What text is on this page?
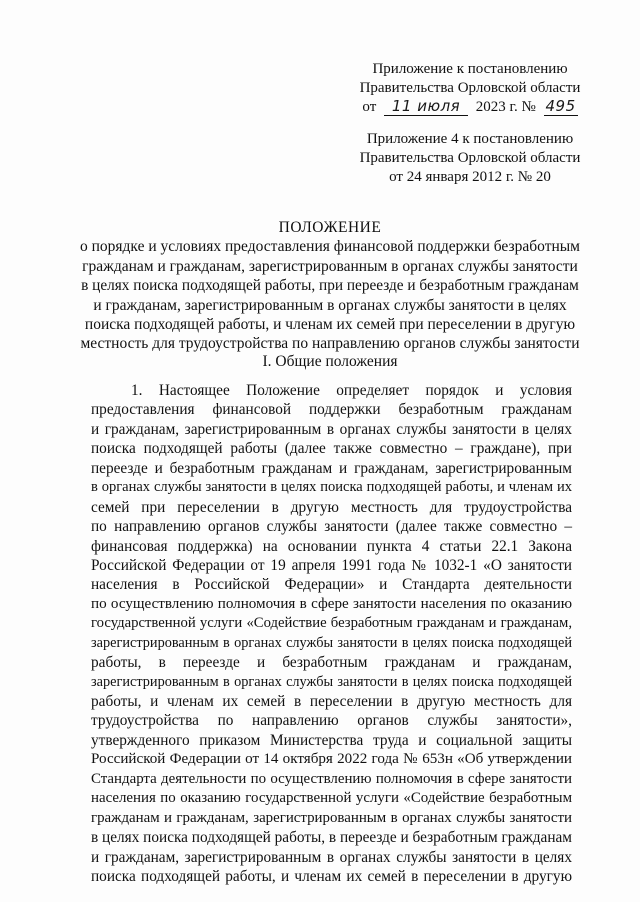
Приложение к постановлению
Правительства Орловской области
от 11 июля 2023 г. № 495
Приложение 4 к постановлению
Правительства Орловской области
от 24 января 2012 г. № 20
ПОЛОЖЕНИЕ
о порядке и условиях предоставления финансовой поддержки безработным
гражданам и гражданам, зарегистрированным в органах службы занятости
в целях поиска подходящей работы, при переезде и безработным гражданам
и гражданам, зарегистрированным в органах службы занятости в целях
поиска подходящей работы, и членам их семей при переселении в другую
местность для трудоустройства по направлению органов службы занятости
I. Общие положения
1. Настоящее Положение определяет порядок и условия
предоставления финансовой поддержки безработным гражданам
и гражданам, зарегистрированным в органах службы занятости в целях
поиска подходящей работы (далее также совместно – граждане), при
переезде и безработным гражданам и гражданам, зарегистрированным
в органах службы занятости в целях поиска подходящей работы, и членам их
семей при переселении в другую местность для трудоустройства
по направлению органов службы занятости (далее также совместно –
финансовая поддержка) на основании пункта 4 статьи 22.1 Закона
Российской Федерации от 19 апреля 1991 года № 1032-1 «О занятости
населения в Российской Федерации» и Стандарта деятельности
по осуществлению полномочия в сфере занятости населения по оказанию
государственной услуги «Содействие безработным гражданам и гражданам,
зарегистрированным в органах службы занятости в целях поиска подходящей
работы, в переезде и безработным гражданам и гражданам,
зарегистрированным в органах службы занятости в целях поиска подходящей
работы, и членам их семей в переселении в другую местность для
трудоустройства по направлению органов службы занятости»,
утвержденного приказом Министерства труда и социальной защиты
Российской Федерации от 14 октября 2022 года № 653н «Об утверждении
Стандарта деятельности по осуществлению полномочия в сфере занятости
населения по оказанию государственной услуги «Содействие безработным
гражданам и гражданам, зарегистрированным в органах службы занятости
в целях поиска подходящей работы, в переезде и безработным гражданам
и гражданам, зарегистрированным в органах службы занятости в целях
поиска подходящей работы, и членам их семей в переселении в другую
